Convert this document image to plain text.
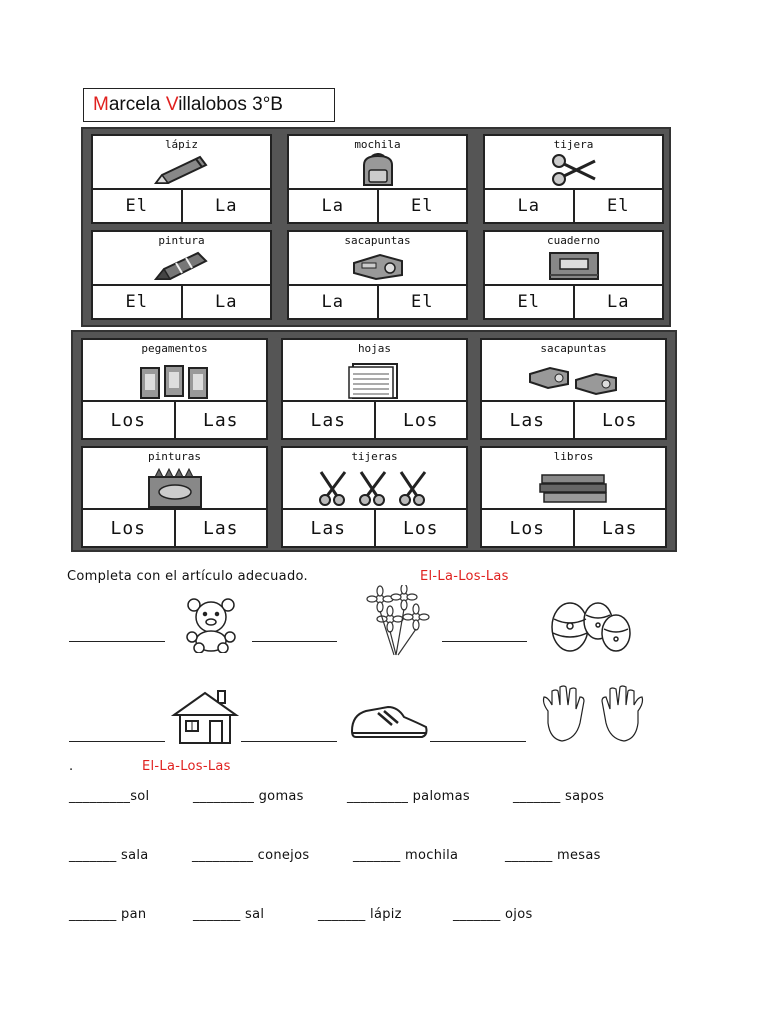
Marcela Villalobos 3°B
lápiz
El	La
mochila
La	El
tijera
La	El
pintura
El	La
sacapuntas
La	El
cuaderno
El	La
pegamentos
Los	Las
hojas
Las	Los
sacapuntas
Las	Los
pinturas
Los	Las
tijeras
Las	Los
libros
Los	Las
Completa con el artículo adecuado.	El-La-Los-Las
.	El-La-Los-Las
_________sol	_________ gomas	_________ palomas	_______ sapos
_______ sala	_________ conejos	_______ mochila	_______ mesas
_______ pan	_______ sal	_______ lápiz	_______ ojos
